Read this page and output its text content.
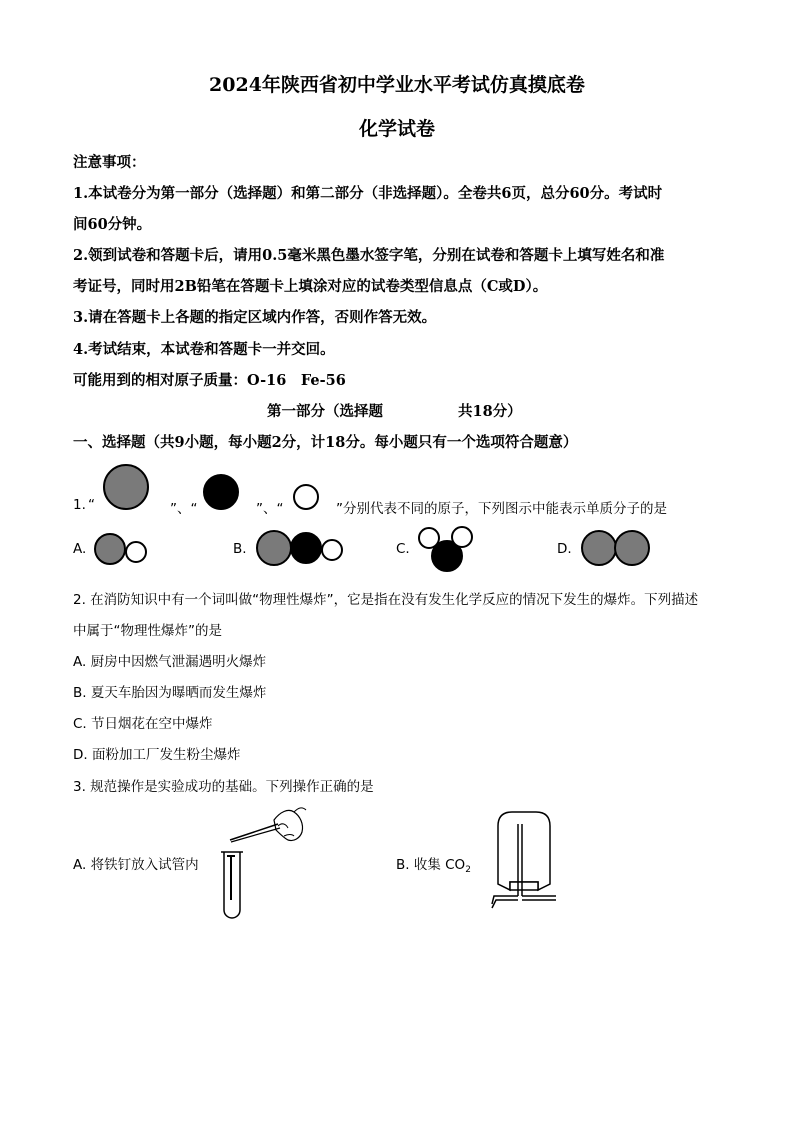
2024年陕西省初中学业水平考试仿真摸底卷
化学试卷
注意事项：
1.本试卷分为第一部分（选择题）和第二部分（非选择题）。全卷共6页，总分60分。考试时
间60分钟。
2.领到试卷和答题卡后，请用0.5毫米黑色墨水签字笔，分别在试卷和答题卡上填写姓名和准
考证号，同时用2B铅笔在答题卡上填涂对应的试卷类型信息点（C或D）。
3.请在答题卡上各题的指定区域内作答，否则作答无效。
4.考试结束，本试卷和答题卡一并交回。
可能用到的相对原子质量：O-16　Fe-56
第一部分（选择题	共18分）
一、选择题（共9小题，每小题2分，计18分。每小题只有一个选项符合题意）
1. “	”、“	”、“	”分别代表不同的原子，下列图示中能表示单质分子的是
A.	B.	C.	D.
2. 在消防知识中有一个词叫做“物理性爆炸”，它是指在没有发生化学反应的情况下发生的爆炸。下列描述
中属于“物理性爆炸”的是
A. 厨房中因燃气泄漏遇明火爆炸
B. 夏天车胎因为曝晒而发生爆炸
C. 节日烟花在空中爆炸
D. 面粉加工厂发生粉尘爆炸
3. 规范操作是实验成功的基础。下列操作正确的是
A. 将铁钉放入试管内	B. 收集 $CO_2$
